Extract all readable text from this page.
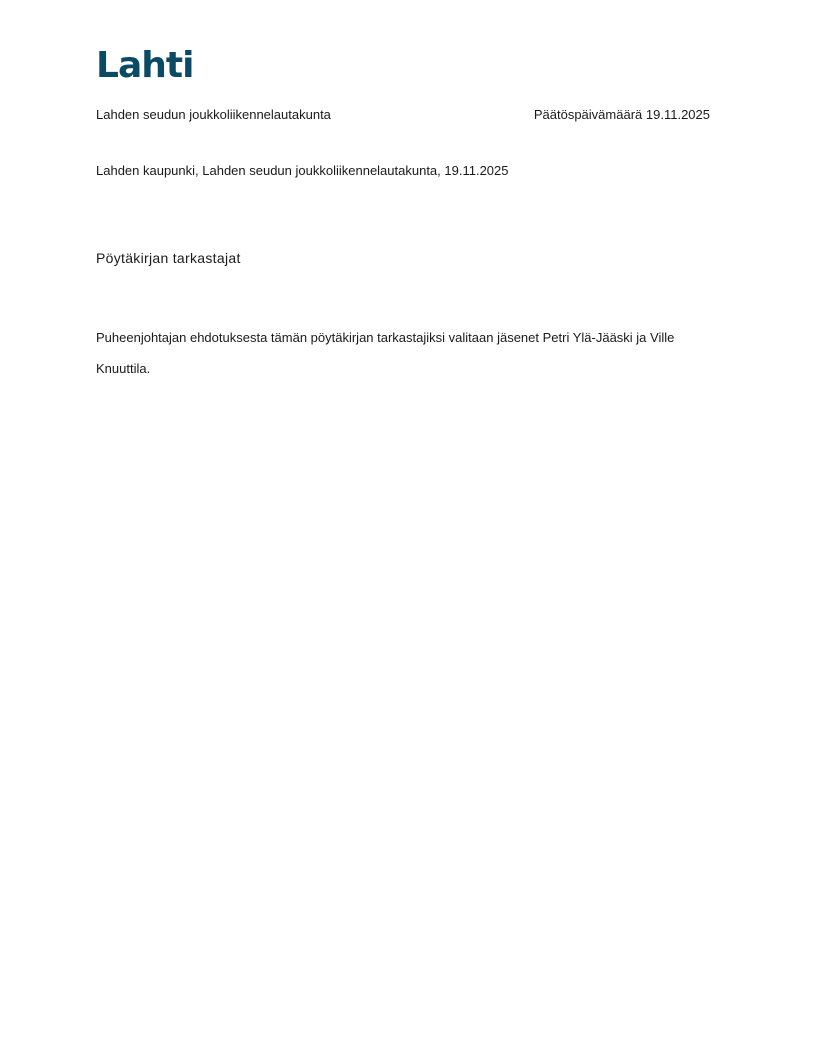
Lahti
Lahden seudun joukkoliikennelautakunta	Päätöspäivämäärä 19.11.2025
Lahden kaupunki, Lahden seudun joukkoliikennelautakunta, 19.11.2025
Pöytäkirjan tarkastajat
Puheenjohtajan ehdotuksesta tämän pöytäkirjan tarkastajiksi valitaan jäsenet Petri Ylä-Jääski ja Ville Knuuttila.
